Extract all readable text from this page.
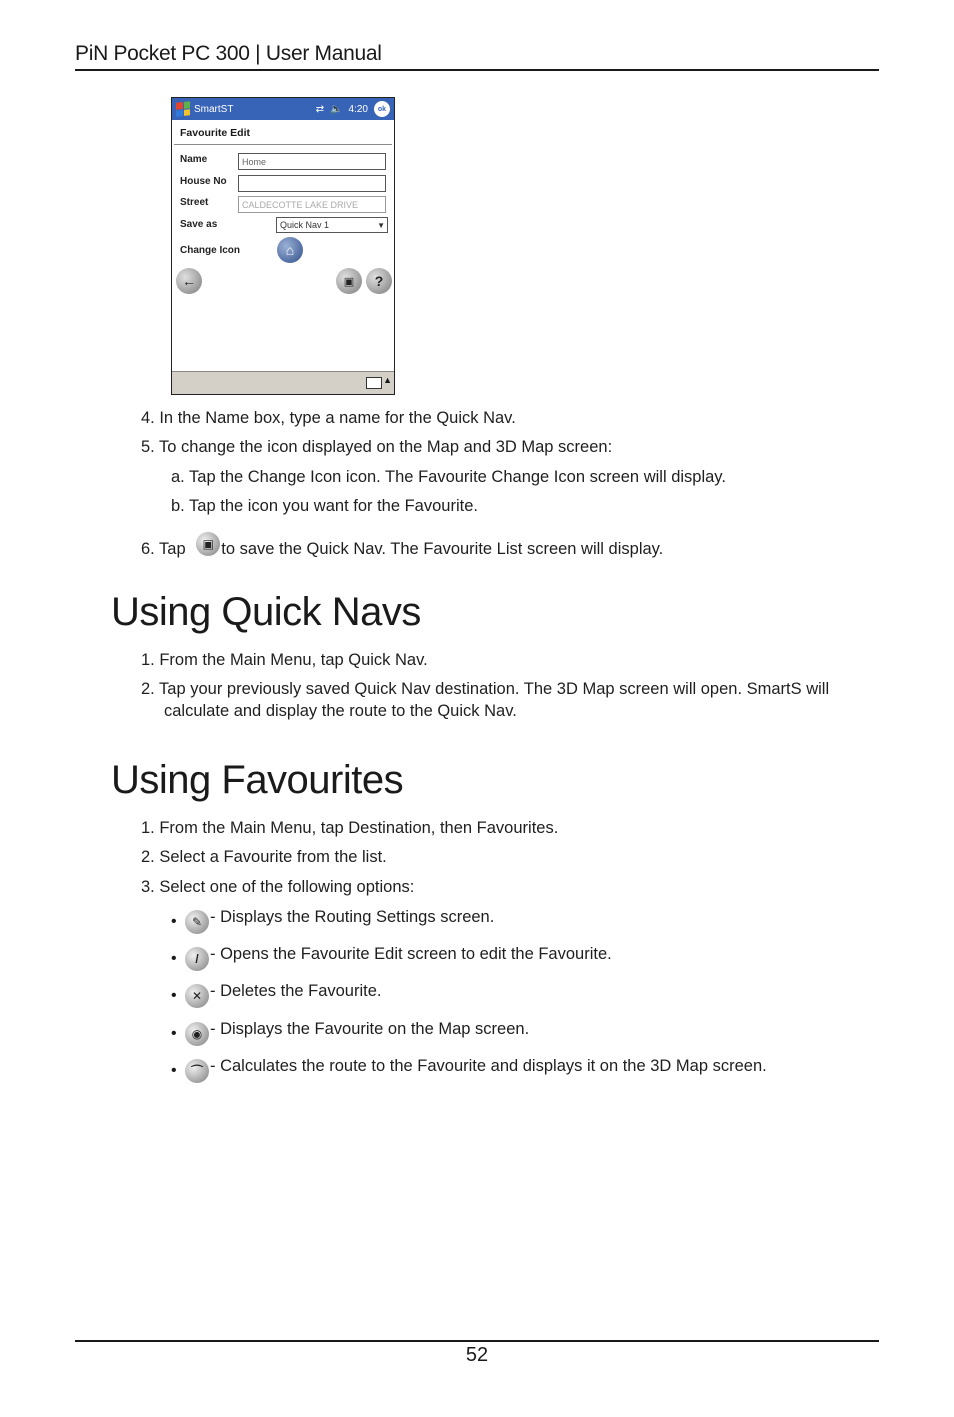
PiN Pocket PC 300 | User Manual
SmartST	⇄ 🔈 4:20	ok
Favourite Edit
Name	Home
House No
Street	CALDECOTTE LAKE DRIVE
Save as	Quick Nav 1	▼
Change Icon	⌂
←	▣ ?
▲
4. In the Name box, type a name for the Quick Nav.
5. To change the icon displayed on the Map and 3D Map screen:
a. Tap the Change Icon icon. The Favourite Change Icon screen will display.
b. Tap the icon you want for the Favourite.
6. Tap ▣ to save the Quick Nav. The Favourite List screen will display.
Using Quick Navs
1. From the Main Menu, tap Quick Nav.
2. Tap your previously saved Quick Nav destination. The 3D Map screen will open. SmartS will
calculate and display the route to the Quick Nav.
Using Favourites
1. From the Main Menu, tap Destination, then Favourites.
2. Select a Favourite from the list.
3. Select one of the following options:
•	✎ - Displays the Routing Settings screen.
•	/ - Opens the Favourite Edit screen to edit the Favourite.
•	✕ - Deletes the Favourite.
•	◉ - Displays the Favourite on the Map screen.
•	⌒ - Calculates the route to the Favourite and displays it on the 3D Map screen.
52
